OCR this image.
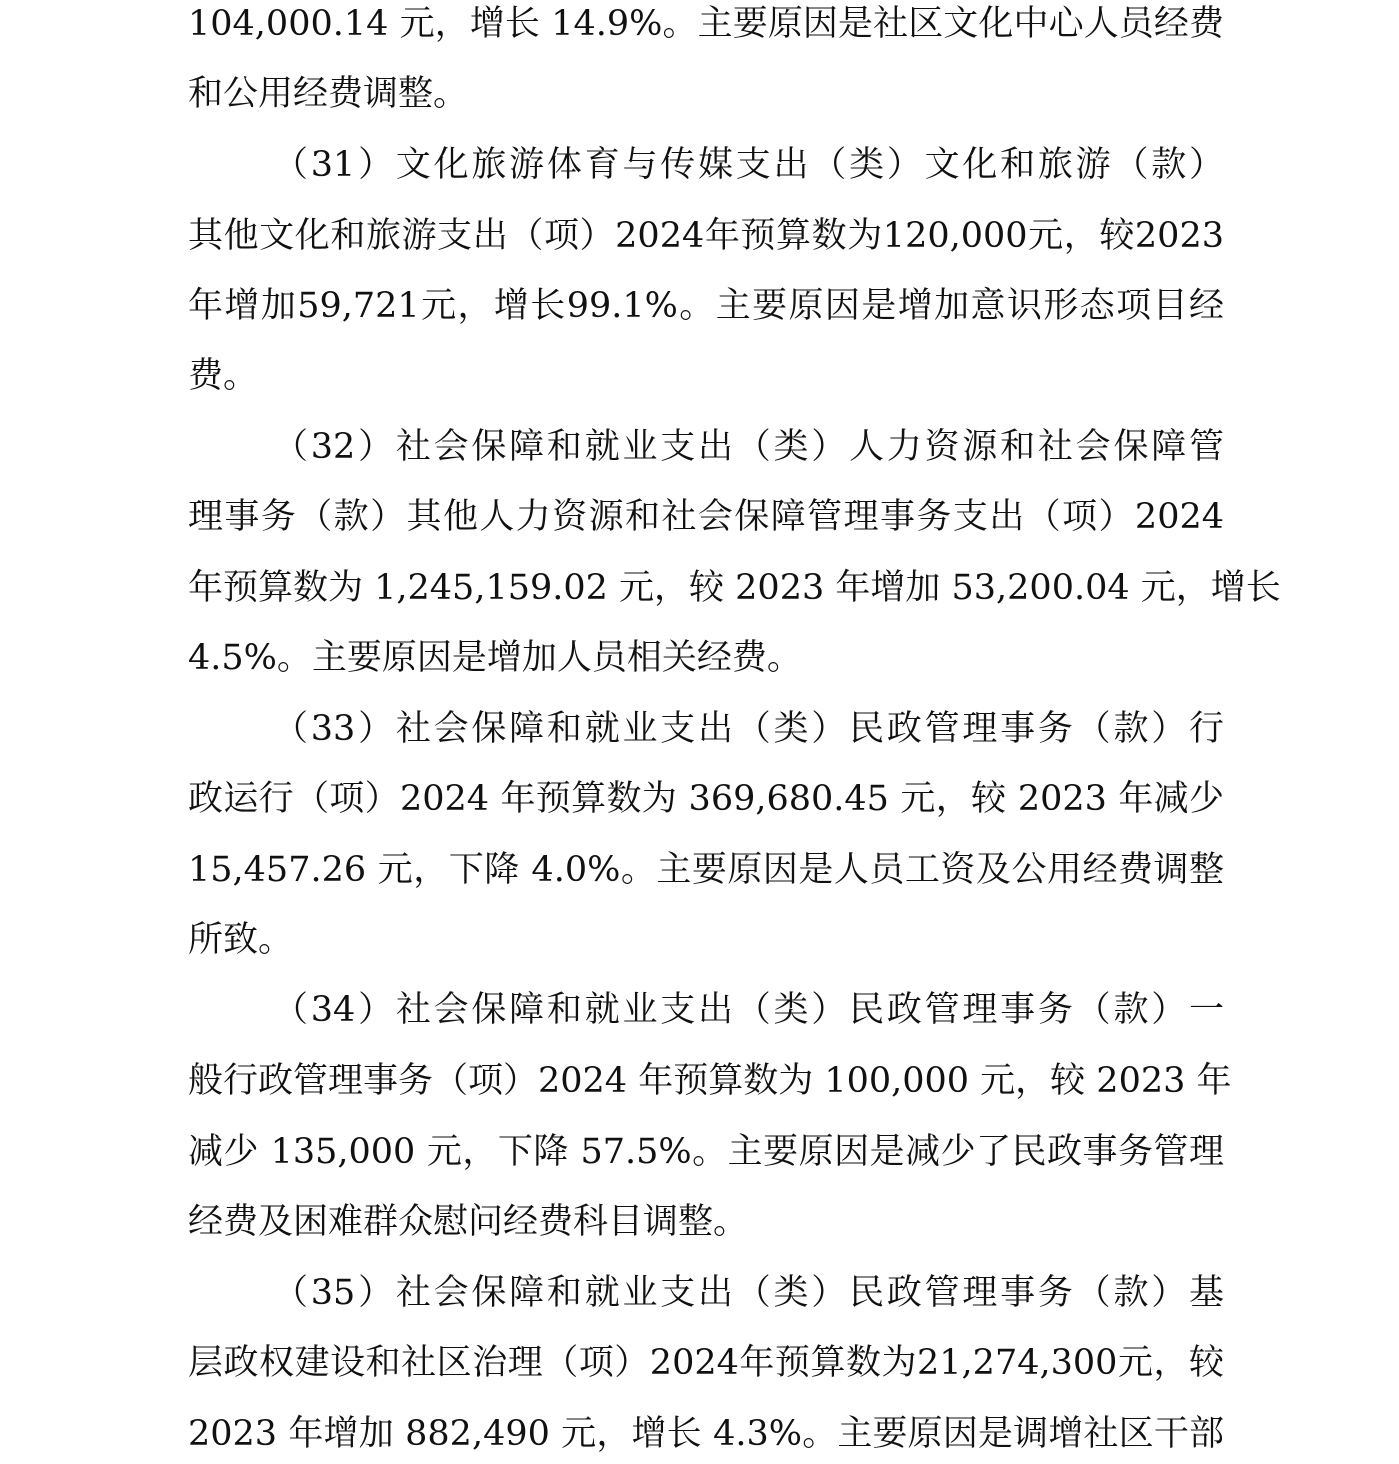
104,000.14 元，增长 14.9%。主要原因是社区文化中心人员经费
和公用经费调整。
（31）文化旅游体育与传媒支出（类）文化和旅游（款）
其他文化和旅游支出（项）2024年预算数为120,000元，较2023
年增加59,721元，增长99.1%。主要原因是增加意识形态项目经
费。
（32）社会保障和就业支出（类）人力资源和社会保障管
理事务（款）其他人力资源和社会保障管理事务支出（项）2024
年预算数为 1,245,159.02 元，较 2023 年增加 53,200.04 元，增长
4.5%。主要原因是增加人员相关经费。
（33）社会保障和就业支出（类）民政管理事务（款）行
政运行（项）2024 年预算数为 369,680.45 元，较 2023 年减少
15,457.26 元，下降 4.0%。主要原因是人员工资及公用经费调整
所致。
（34）社会保障和就业支出（类）民政管理事务（款）一
般行政管理事务（项）2024 年预算数为 100,000 元，较 2023 年
减少 135,000 元，下降 57.5%。主要原因是减少了民政事务管理
经费及困难群众慰问经费科目调整。
（35）社会保障和就业支出（类）民政管理事务（款）基
层政权建设和社区治理（项）2024年预算数为21,274,300元，较
2023 年增加 882,490 元，增长 4.3%。主要原因是调增社区干部
